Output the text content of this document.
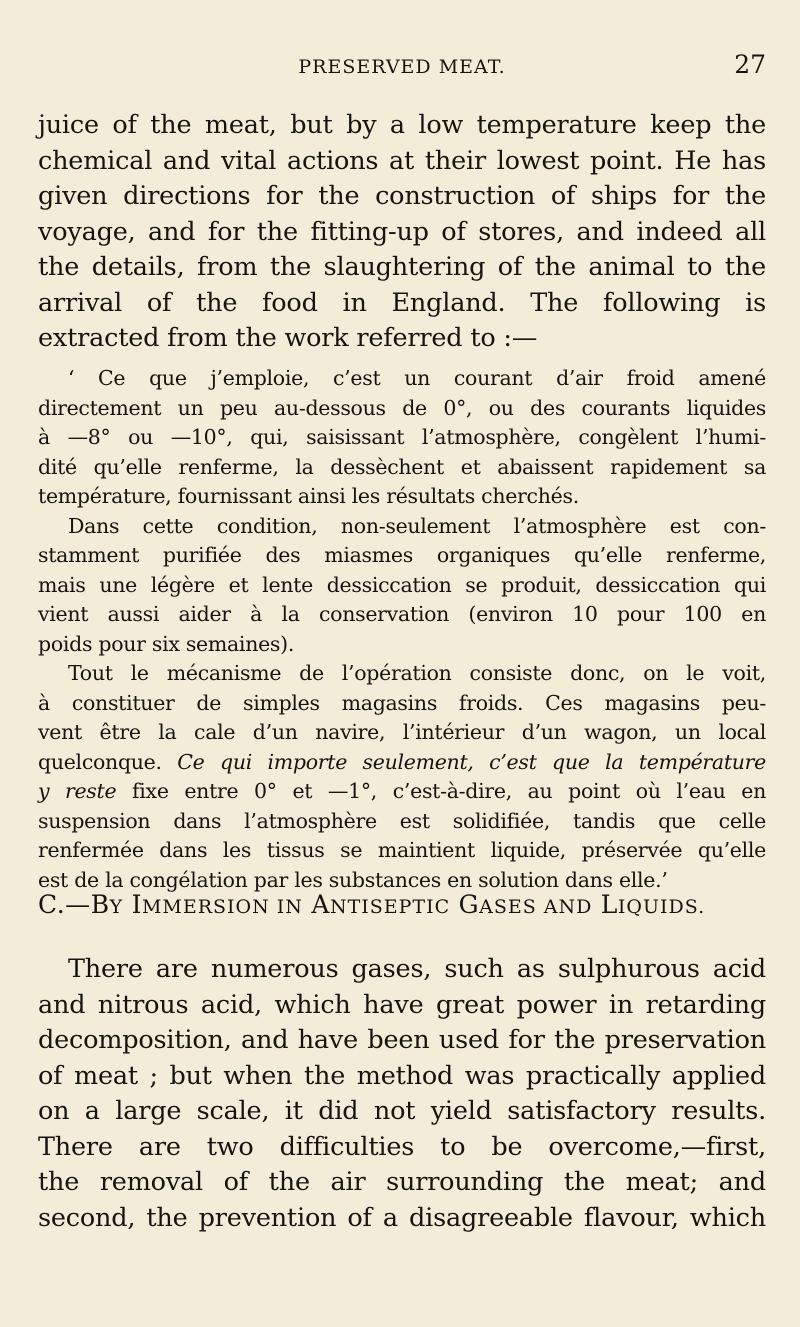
PRESERVED MEAT.	27
juice of the meat, but by a low temperature keep the
chemical and vital actions at their lowest point. He has
given directions for the construction of ships for the
voyage, and for the fitting-up of stores, and indeed all
the details, from the slaughtering of the animal to the
arrival of the food in England. The following is
extracted from the work referred to :—
‘ Ce que j’emploie, c’est un courant d’air froid amené
directement un peu au-dessous de 0°, ou des courants liquides
à —8° ou —10°, qui, saisissant l’atmosphère, congèlent l’humi-
dité qu’elle renferme, la dessèchent et abaissent rapidement sa
température, fournissant ainsi les résultats cherchés.
Dans cette condition, non-seulement l’atmosphère est con-
stamment purifiée des miasmes organiques qu’elle renferme,
mais une légère et lente dessiccation se produit, dessiccation qui
vient aussi aider à la conservation (environ 10 pour 100 en
poids pour six semaines).
Tout le mécanisme de l’opération consiste donc, on le voit,
à constituer de simples magasins froids. Ces magasins peu-
vent être la cale d’un navire, l’intérieur d’un wagon, un local
quelconque. Ce qui importe seulement, c’est que la température
y reste fixe entre 0° et —1°, c’est-à-dire, au point où l’eau en
suspension dans l’atmosphère est solidifiée, tandis que celle
renfermée dans les tissus se maintient liquide, préservée qu’elle
est de la congélation par les substances en solution dans elle.’
C.—BY IMMERSION IN ANTISEPTIC GASES AND LIQUIDS.
There are numerous gases, such as sulphurous acid
and nitrous acid, which have great power in retarding
decomposition, and have been used for the preservation
of meat ; but when the method was practically applied
on a large scale, it did not yield satisfactory results.
There are two difficulties to be overcome,—first,
the removal of the air surrounding the meat; and
second, the prevention of a disagreeable flavour, which
